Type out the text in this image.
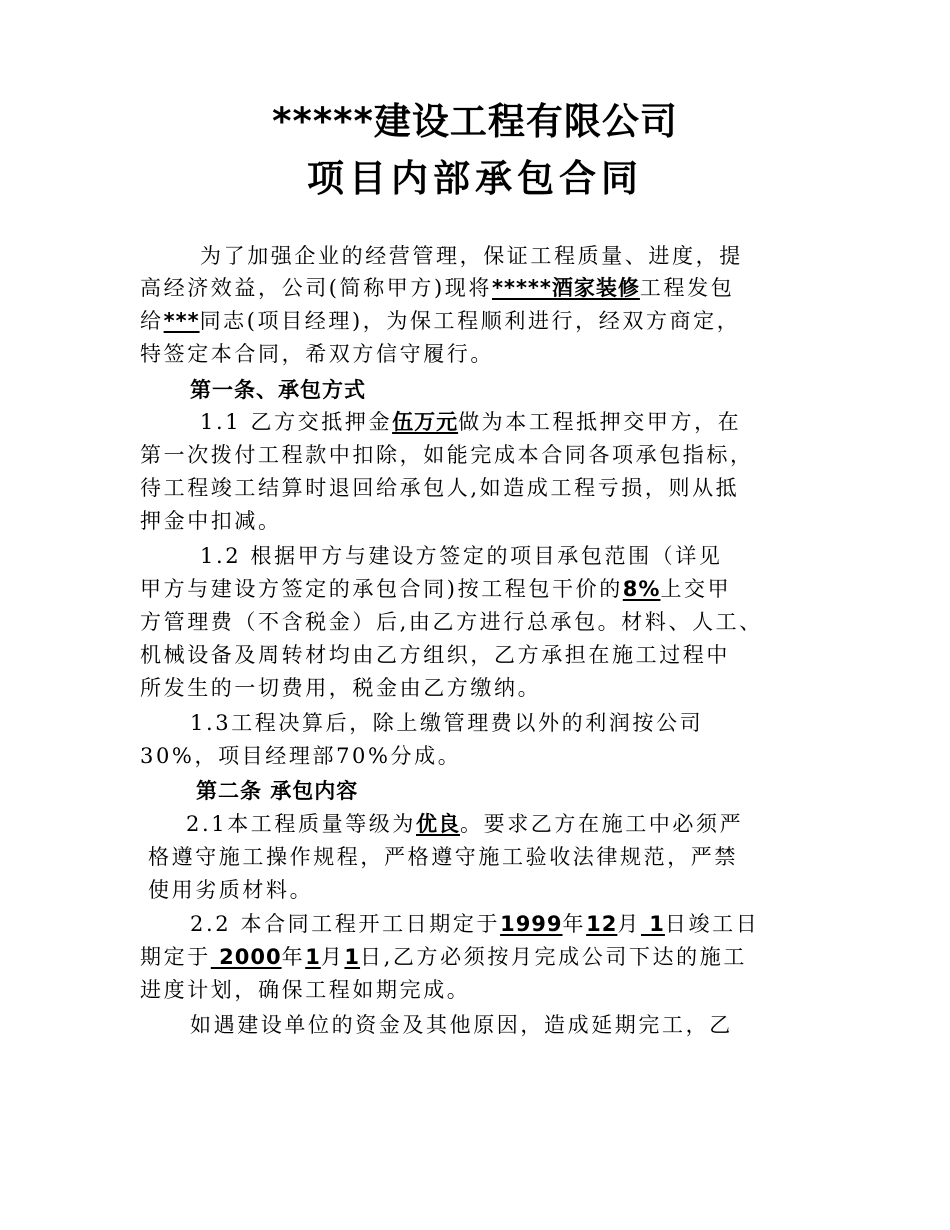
*****建设工程有限公司
项目内部承包合同
为了加强企业的经营管理，保证工程质量、进度，提
高经济效益，公司(简称甲方)现将*****酒家装修工程发包
给***同志(项目经理)，为保工程顺利进行，经双方商定，
特签定本合同，希双方信守履行。
第一条、承包方式
1.1 乙方交抵押金伍万元做为本工程抵押交甲方，在
第一次拨付工程款中扣除，如能完成本合同各项承包指标，
待工程竣工结算时退回给承包人,如造成工程亏损，则从抵
押金中扣减。
1.2 根据甲方与建设方签定的项目承包范围（详见
甲方与建设方签定的承包合同)按工程包干价的8%上交甲
方管理费（不含税金）后,由乙方进行总承包。材料、人工、
机械设备及周转材均由乙方组织，乙方承担在施工过程中
所发生的一切费用，税金由乙方缴纳。
1.3工程决算后，除上缴管理费以外的利润按公司
30%，项目经理部70%分成。
第二条 承包内容
2.1本工程质量等级为优良。要求乙方在施工中必须严
格遵守施工操作规程，严格遵守施工验收法律规范，严禁
使用劣质材料。
2.2 本合同工程开工日期定于1999年12月 1日竣工日
期定于 2000年1月1日,乙方必须按月完成公司下达的施工
进度计划，确保工程如期完成。
如遇建设单位的资金及其他原因，造成延期完工，乙
